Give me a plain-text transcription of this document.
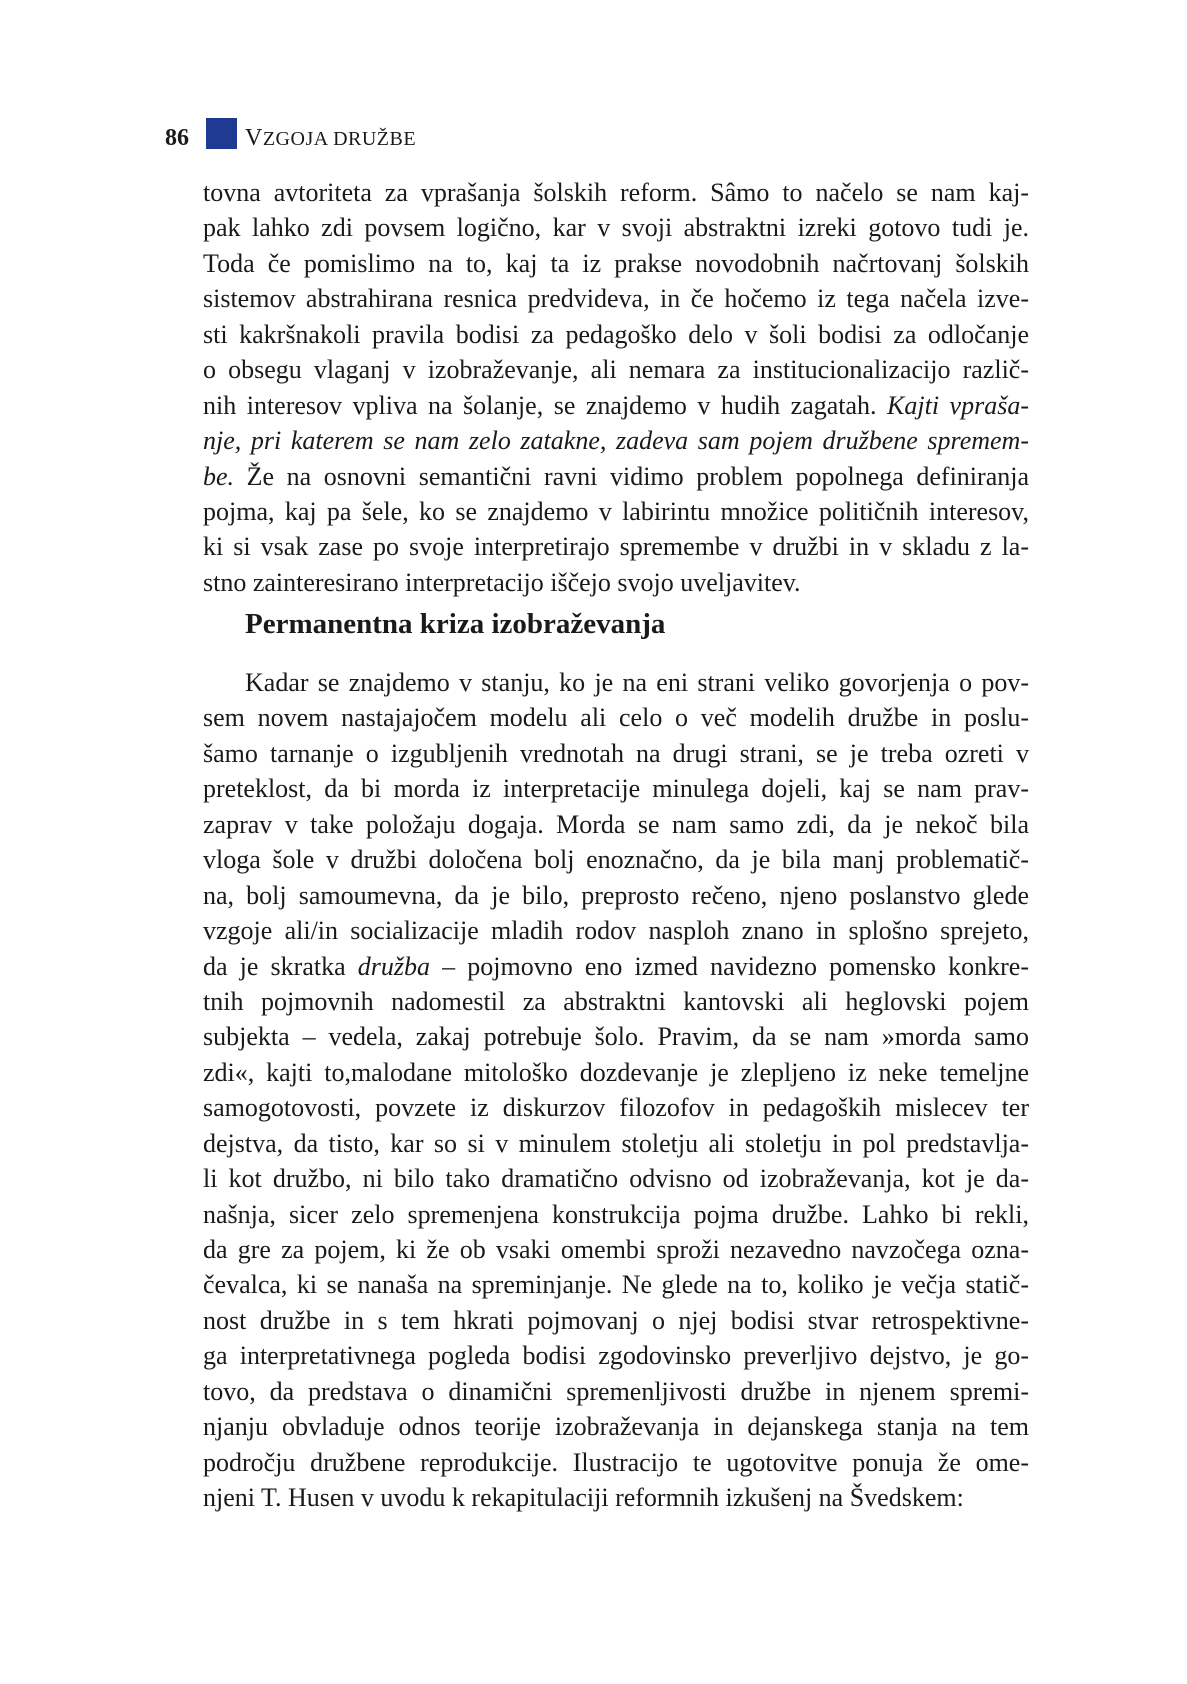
86 VZGOJA DRUŽBE
tovna avtoriteta za vprašanja šolskih reform. Sâmo to načelo se nam kaj-
pak lahko zdi povsem logično, kar v svoji abstraktni izreki gotovo tudi je.
Toda če pomislimo na to, kaj ta iz prakse novodobnih načrtovanj šolskih
sistemov abstrahirana resnica predvideva, in če hočemo iz tega načela izve-
sti kakršnakoli pravila bodisi za pedagoško delo v šoli bodisi za odločanje
o obsegu vlaganj v izobraževanje, ali nemara za institucionalizacijo različ-
nih interesov vpliva na šolanje, se znajdemo v hudih zagatah. Kajti vpraša-
nje, pri katerem se nam zelo zatakne, zadeva sam pojem družbene spremem-
be. Že na osnovni semantični ravni vidimo problem popolnega definiranja
pojma, kaj pa šele, ko se znajdemo v labirintu množice političnih interesov,
ki si vsak zase po svoje interpretirajo spremembe v družbi in v skladu z la-
stno zainteresirano interpretacijo iščejo svojo uveljavitev.
Permanentna kriza izobraževanja
Kadar se znajdemo v stanju, ko je na eni strani veliko govorjenja o pov-
sem novem nastajajočem modelu ali celo o več modelih družbe in poslu-
šamo tarnanje o izgubljenih vrednotah na drugi strani, se je treba ozreti v
preteklost, da bi morda iz interpretacije minulega dojeli, kaj se nam prav-
zaprav v take položaju dogaja. Morda se nam samo zdi, da je nekoč bila
vloga šole v družbi določena bolj enoznačno, da je bila manj problematič-
na, bolj samoumevna, da je bilo, preprosto rečeno, njeno poslanstvo glede
vzgoje ali/in socializacije mladih rodov nasploh znano in splošno sprejeto,
da je skratka družba – pojmovno eno izmed navidezno pomensko konkre-
tnih pojmovnih nadomestil za abstraktni kantovski ali heglovski pojem
subjekta – vedela, zakaj potrebuje šolo. Pravim, da se nam »morda samo
zdi«, kajti to,malodane mitološko dozdevanje je zlepljeno iz neke temeljne
samogotovosti, povzete iz diskurzov filozofov in pedagoških mislecev ter
dejstva, da tisto, kar so si v minulem stoletju ali stoletju in pol predstavlja-
li kot družbo, ni bilo tako dramatično odvisno od izobraževanja, kot je da-
našnja, sicer zelo spremenjena konstrukcija pojma družbe. Lahko bi rekli,
da gre za pojem, ki že ob vsaki omembi sproži nezavedno navzočega ozna-
čevalca, ki se nanaša na spreminjanje. Ne glede na to, koliko je večja statič-
nost družbe in s tem hkrati pojmovanj o njej bodisi stvar retrospektivne-
ga interpretativnega pogleda bodisi zgodovinsko preverljivo dejstvo, je go-
tovo, da predstava o dinamični spremenljivosti družbe in njenem spremi-
njanju obvladuje odnos teorije izobraževanja in dejanskega stanja na tem
področju družbene reprodukcije. Ilustracijo te ugotovitve ponuja že ome-
njeni T. Husen v uvodu k rekapitulaciji reformnih izkušenj na Švedskem:
